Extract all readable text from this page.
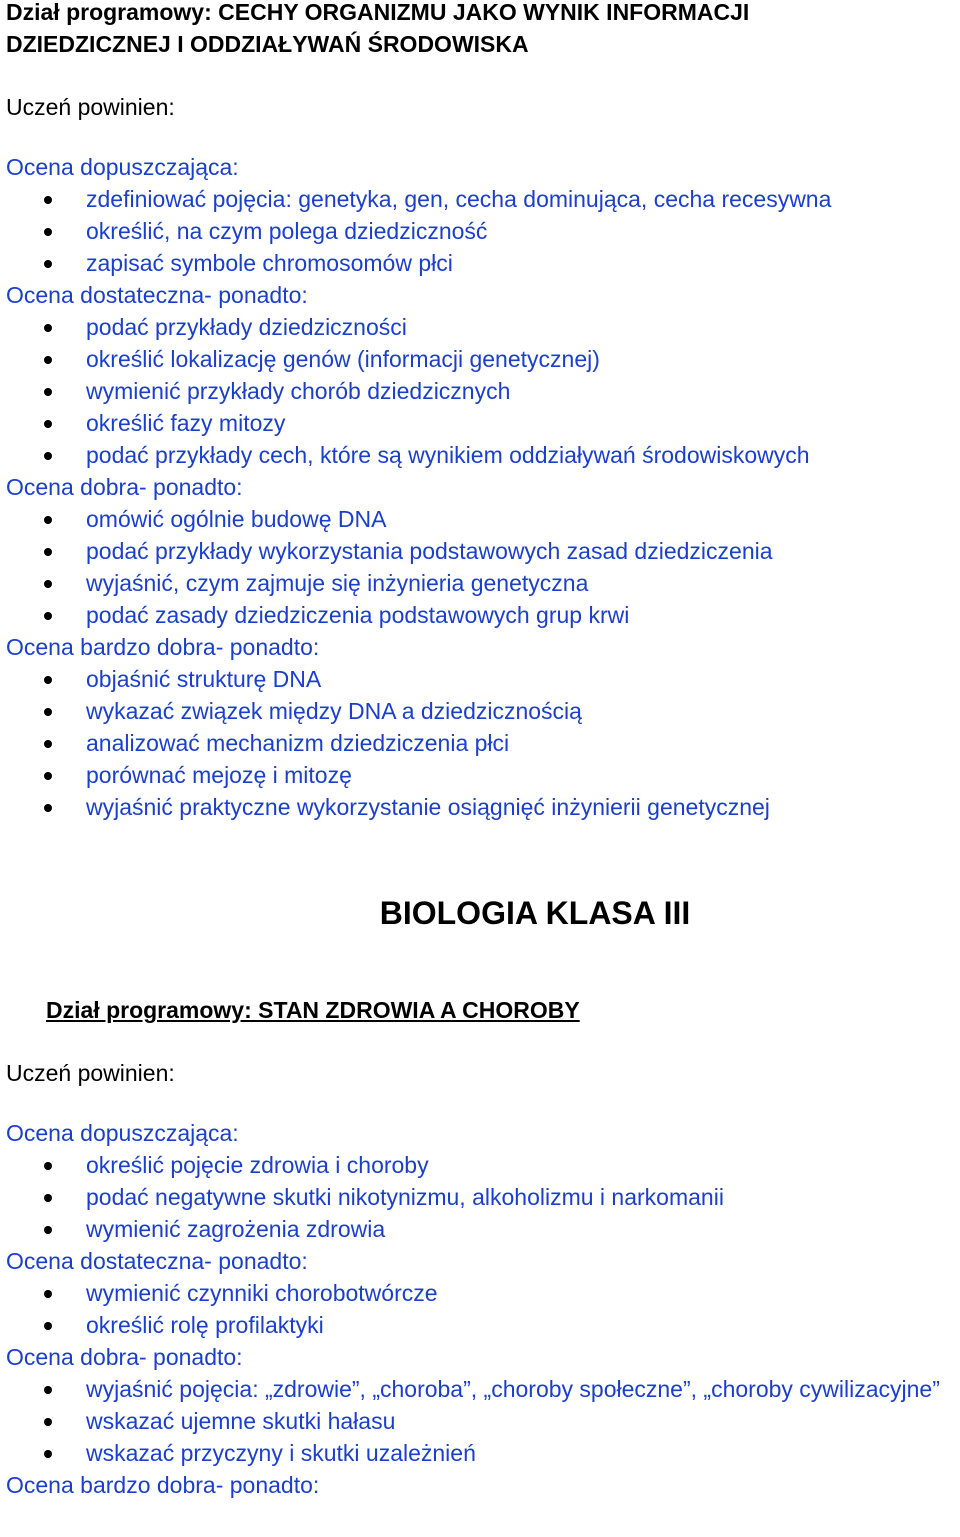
Dział programowy: CECHY ORGANIZMU JAKO WYNIK INFORMACJI

DZIEDZICZNEJ I ODDZIAŁYWAŃ ŚRODOWISKA

Uczeń powinien:

Ocena dopuszczająca:

zdefiniować pojęcia: genetyka, gen, cecha dominująca, cecha recesywna
określić, na czym polega dziedziczność
zapisać symbole chromosomów płci

Ocena dostateczna- ponadto:

podać przykłady dziedziczności
określić lokalizację genów (informacji genetycznej)
wymienić przykłady chorób dziedzicznych
określić fazy mitozy
podać przykłady cech, które są wynikiem oddziaływań środowiskowych

Ocena dobra- ponadto:

omówić ogólnie budowę DNA
podać przykłady wykorzystania podstawowych zasad dziedziczenia
wyjaśnić, czym zajmuje się inżynieria genetyczna
podać zasady dziedziczenia podstawowych grup krwi

Ocena bardzo dobra- ponadto:

objaśnić strukturę DNA
wykazać związek między DNA a dziedzicznością
analizować mechanizm dziedziczenia płci
porównać mejozę i mitozę
wyjaśnić praktyczne wykorzystanie osiągnięć inżynierii genetycznej
BIOLOGIA KLASA III
Dział programowy: STAN ZDROWIA A CHOROBY

Uczeń powinien:

Ocena dopuszczająca:

określić pojęcie zdrowia i choroby
podać negatywne skutki nikotynizmu, alkoholizmu i narkomanii
wymienić zagrożenia zdrowia

Ocena dostateczna- ponadto:

wymienić czynniki chorobotwórcze
określić rolę profilaktyki

Ocena dobra- ponadto:

wyjaśnić pojęcia: „zdrowie”, „choroba”, „choroby społeczne”, „choroby cywilizacyjne”
wskazać ujemne skutki hałasu
wskazać przyczyny i skutki uzależnień

Ocena bardzo dobra- ponadto:
